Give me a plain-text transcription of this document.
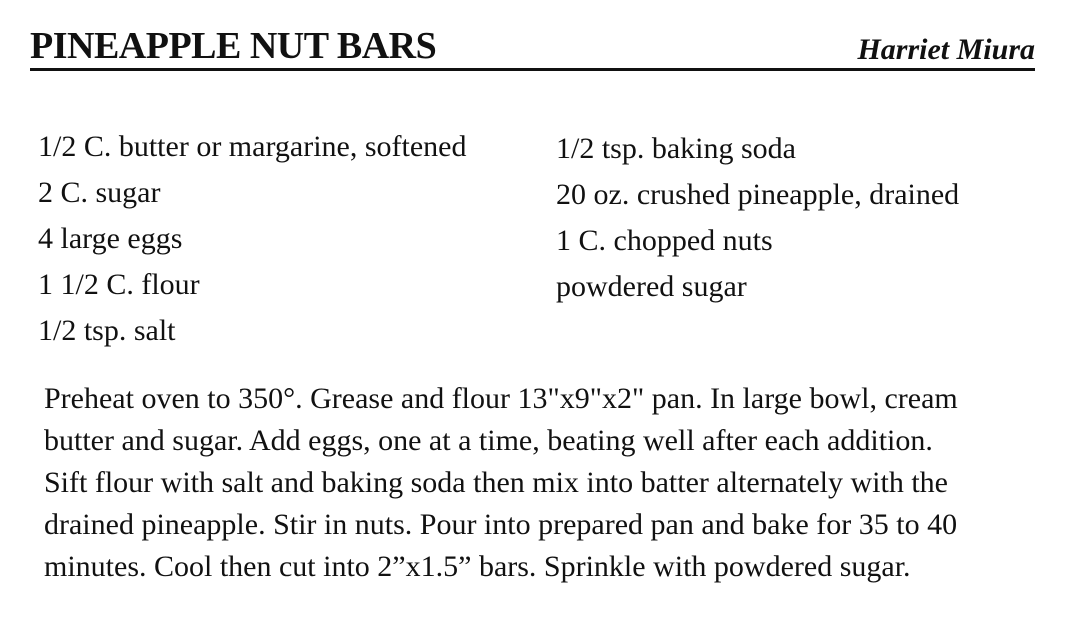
PINEAPPLE NUT BARS	Harriet Miura
1/2 C. butter or margarine, softened
2 C. sugar
4 large eggs
1 1/2 C. flour
1/2 tsp. salt
1/2 tsp. baking soda
20 oz. crushed pineapple, drained
1 C. chopped nuts
powdered sugar

Preheat oven to 350°. Grease and flour 13"x9"x2" pan. In large bowl, cream
butter and sugar. Add eggs, one at a time, beating well after each addition.
Sift flour with salt and baking soda then mix into batter alternately with the
drained pineapple. Stir in nuts. Pour into prepared pan and bake for 35 to 40
minutes. Cool then cut into 2”x1.5” bars. Sprinkle with powdered sugar.
